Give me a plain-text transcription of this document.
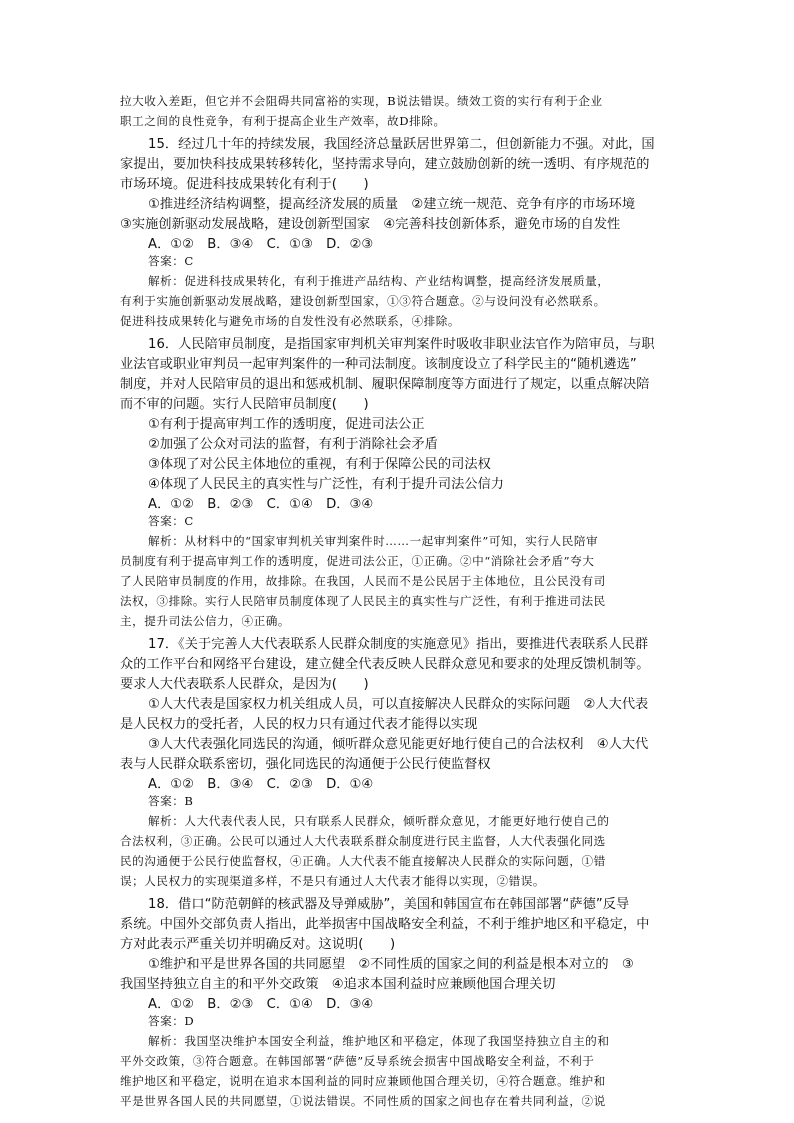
拉大收入差距，但它并不会阻碍共同富裕的实现，B说法错误。绩效工资的实行有利于企业

职工之间的良性竞争，有利于提高企业生产效率，故D排除。

15．经过几十年的持续发展，我国经济总量跃居世界第二，但创新能力不强。对此，国

家提出，要加快科技成果转移转化，坚持需求导向，建立鼓励创新的统一透明、有序规范的

市场环境。促进科技成果转化有利于(　　)

①推进经济结构调整，提高经济发展的质量　②建立统一规范、竞争有序的市场环境

③实施创新驱动发展战略，建设创新型国家　④完善科技创新体系，避免市场的自发性

A．①②　B．③④　C．①③　D．②③

答案：C

解析：促进科技成果转化，有利于推进产品结构、产业结构调整，提高经济发展质量，

有利于实施创新驱动发展战略，建设创新型国家，①③符合题意。②与设问没有必然联系。

促进科技成果转化与避免市场的自发性没有必然联系，④排除。

16．人民陪审员制度，是指国家审判机关审判案件时吸收非职业法官作为陪审员，与职

业法官或职业审判员一起审判案件的一种司法制度。该制度设立了科学民主的“随机遴选”

制度，并对人民陪审员的退出和惩戒机制、履职保障制度等方面进行了规定，以重点解决陪

而不审的问题。实行人民陪审员制度(　　)

①有利于提高审判工作的透明度，促进司法公正

②加强了公众对司法的监督，有利于消除社会矛盾

③体现了对公民主体地位的重视，有利于保障公民的司法权

④体现了人民民主的真实性与广泛性，有利于提升司法公信力

A．①②　B．②③　C．①④　D．③④

答案：C

解析：从材料中的“国家审判机关审判案件时……一起审判案件”可知，实行人民陪审

员制度有利于提高审判工作的透明度，促进司法公正，①正确。②中“消除社会矛盾”夸大

了人民陪审员制度的作用，故排除。在我国，人民而不是公民居于主体地位，且公民没有司

法权，③排除。实行人民陪审员制度体现了人民民主的真实性与广泛性，有利于推进司法民

主，提升司法公信力，④正确。

17．《关于完善人大代表联系人民群众制度的实施意见》指出，要推进代表联系人民群

众的工作平台和网络平台建设，建立健全代表反映人民群众意见和要求的处理反馈机制等。

要求人大代表联系人民群众，是因为(　　)

①人大代表是国家权力机关组成人员，可以直接解决人民群众的实际问题　②人大代表

是人民权力的受托者，人民的权力只有通过代表才能得以实现

③人大代表强化同选民的沟通，倾听群众意见能更好地行使自己的合法权利　④人大代

表与人民群众联系密切，强化同选民的沟通便于公民行使监督权

A．①②　B．③④　C．②③　D．①④

答案：B

解析：人大代表代表人民，只有联系人民群众，倾听群众意见，才能更好地行使自己的

合法权利，③正确。公民可以通过人大代表联系群众制度进行民主监督，人大代表强化同选

民的沟通便于公民行使监督权，④正确。人大代表不能直接解决人民群众的实际问题，①错

误；人民权力的实现渠道多样，不是只有通过人大代表才能得以实现，②错误。

18．借口“防范朝鲜的核武器及导弹威胁”，美国和韩国宣布在韩国部署“萨德”反导

系统。中国外交部负责人指出，此举损害中国战略安全利益，不利于维护地区和平稳定，中

方对此表示严重关切并明确反对。这说明(　　)

①维护和平是世界各国的共同愿望　②不同性质的国家之间的利益是根本对立的　③

我国坚持独立自主的和平外交政策　④追求本国利益时应兼顾他国合理关切

A．①②　B．②③　C．①④　D．③④

答案：D

解析：我国坚决维护本国安全利益，维护地区和平稳定，体现了我国坚持独立自主的和

平外交政策，③符合题意。在韩国部署“萨德”反导系统会损害中国战略安全利益，不利于

维护地区和平稳定，说明在追求本国利益的同时应兼顾他国合理关切，④符合题意。维护和

平是世界各国人民的共同愿望，①说法错误。不同性质的国家之间也存在着共同利益，②说
